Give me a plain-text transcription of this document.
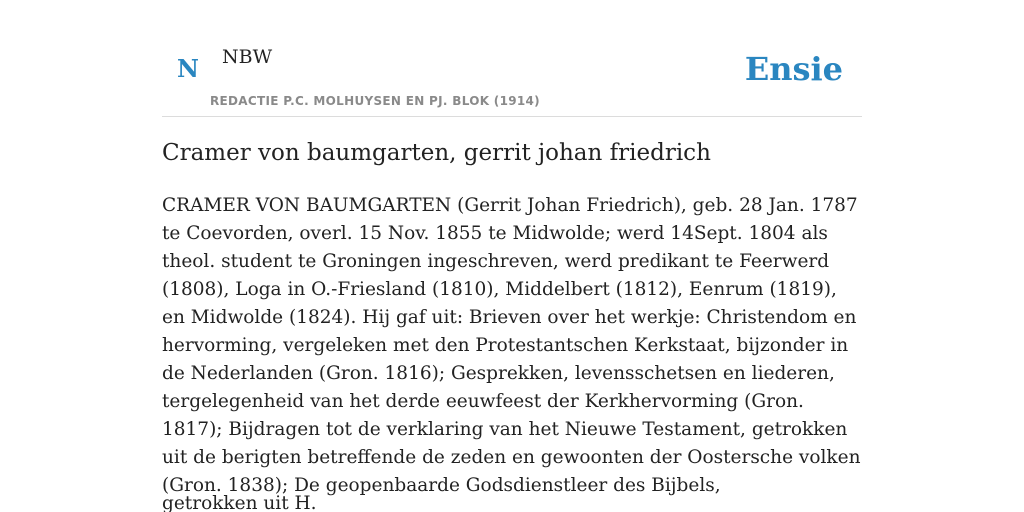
N NBW
REDACTIE P.C. MOLHUYSEN EN PJ. BLOK (1914)
Ensie
Cramer von baumgarten, gerrit johan friedrich

CRAMER VON BAUMGARTEN (Gerrit Johan Friedrich), geb. 28 Jan. 1787 te Coevorden, overl. 15 Nov. 1855 te Midwolde; werd 14Sept. 1804 als theol. student te Groningen ingeschreven, werd predikant te Feerwerd (1808), Loga in O.-Friesland (1810), Middelbert (1812), Eenrum (1819), en Midwolde (1824). Hij gaf uit: Brieven over het werkje: Christendom en hervorming, vergeleken met den Protestantschen Kerkstaat, bijzonder in de Nederlanden (Gron. 1816); Gesprekken, levensschetsen en liederen, tergelegenheid van het derde eeuwfeest der Kerkhervorming (Gron. 1817); Bijdragen tot de verklaring van het Nieuwe Testament, getrokken uit de berigten betreffende de zeden en gewoonten der Oostersche volken (Gron. 1838); De geopenbaarde Godsdienstleer des Bijbels,

getrokken uit H.
